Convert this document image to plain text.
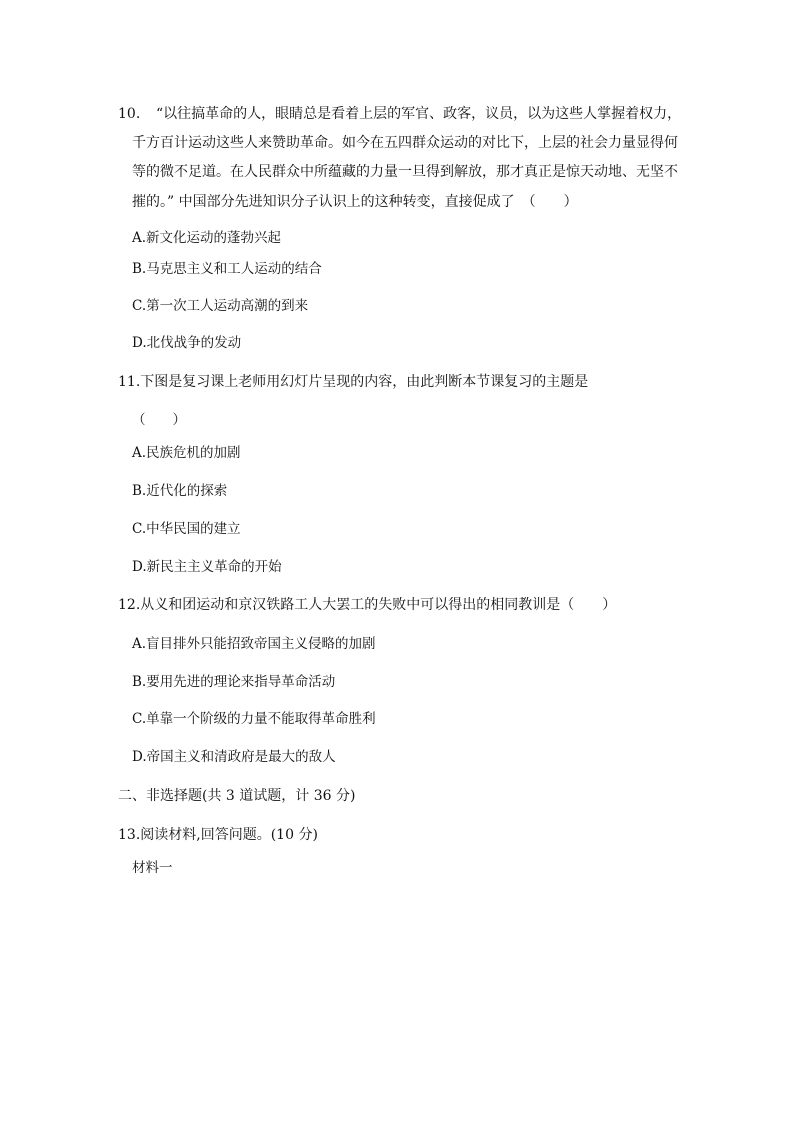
10. “以往搞革命的人，眼睛总是看着上层的军官、政客，议员，以为这些人掌握着权力，
千方百计运动这些人来赞助革命。如今在五四群众运动的对比下，上层的社会力量显得何
等的微不足道。在人民群众中所蕴藏的力量一旦得到解放，那才真正是惊天动地、无坚不
摧的。” 中国部分先进知识分子认识上的这种转变，直接促成了　（　　）
A.新文化运动的蓬勃兴起
B.马克思主义和工人运动的结合
C.第一次工人运动高潮的到来
D.北伐战争的发动
11.下图是复习课上老师用幻灯片呈现的内容，由此判断本节课复习的主题是
（　　）
A.民族危机的加剧
B.近代化的探索
C.中华民国的建立
D.新民主主义革命的开始
12.从义和团运动和京汉铁路工人大罢工的失败中可以得出的相同教训是（　　）
A.盲目排外只能招致帝国主义侵略的加剧
B.要用先进的理论来指导革命活动
C.单靠一个阶级的力量不能取得革命胜利
D.帝国主义和清政府是最大的敌人
二、非选择题(共 3 道试题，计 36 分)
13.阅读材料,回答问题。(10 分)
材料一
